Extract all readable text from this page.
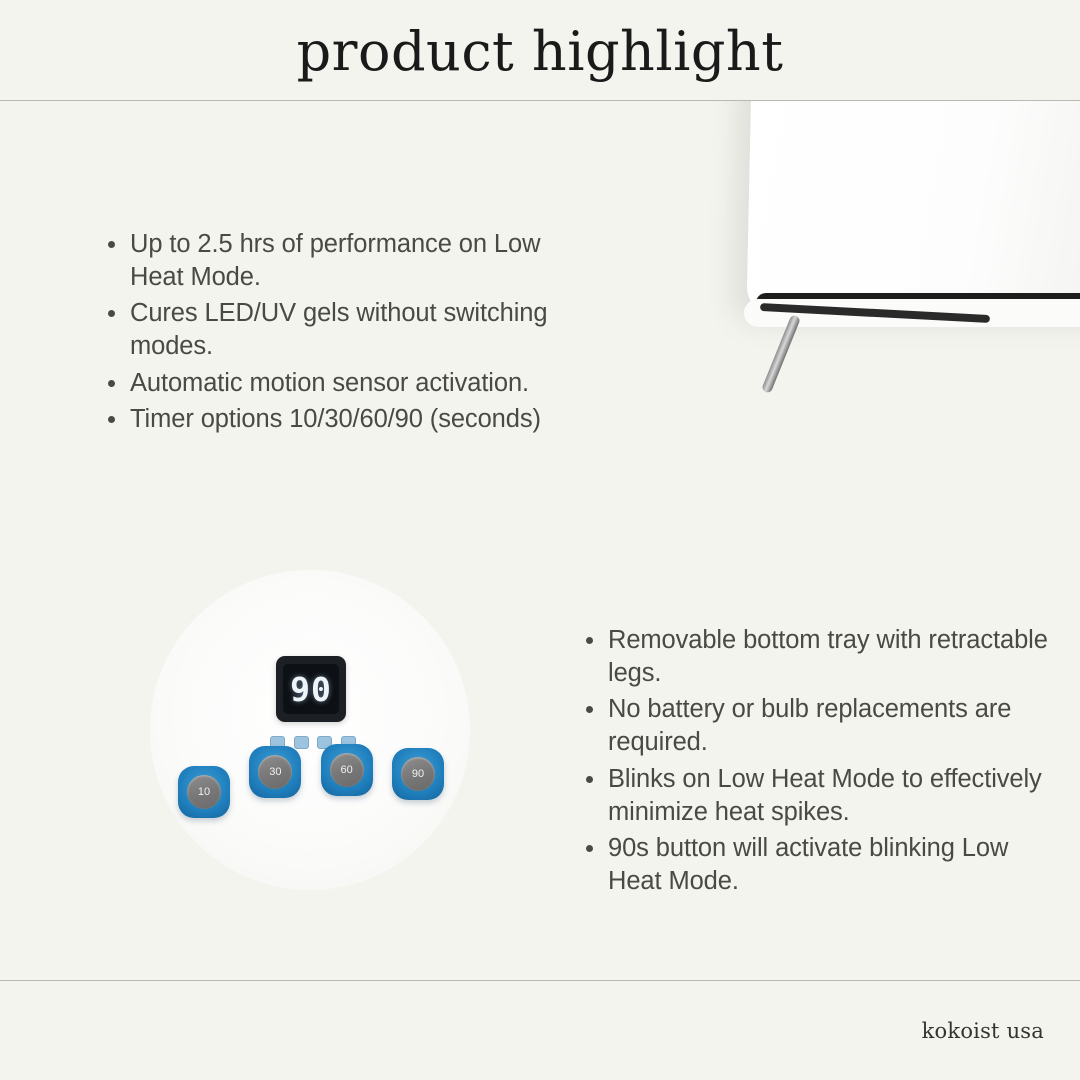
product highlight
Up to 2.5 hrs of performance on Low Heat Mode.
Cures LED/UV gels without switching modes.
Automatic motion sensor activation.
Timer options 10/30/60/90 (seconds)
90
10
30	60	90
Removable bottom tray with retractable legs.
No battery or bulb replacements are required.
Blinks on Low Heat Mode to effectively minimize heat spikes.
90s button will activate blinking Low Heat Mode.
kokoist usa
